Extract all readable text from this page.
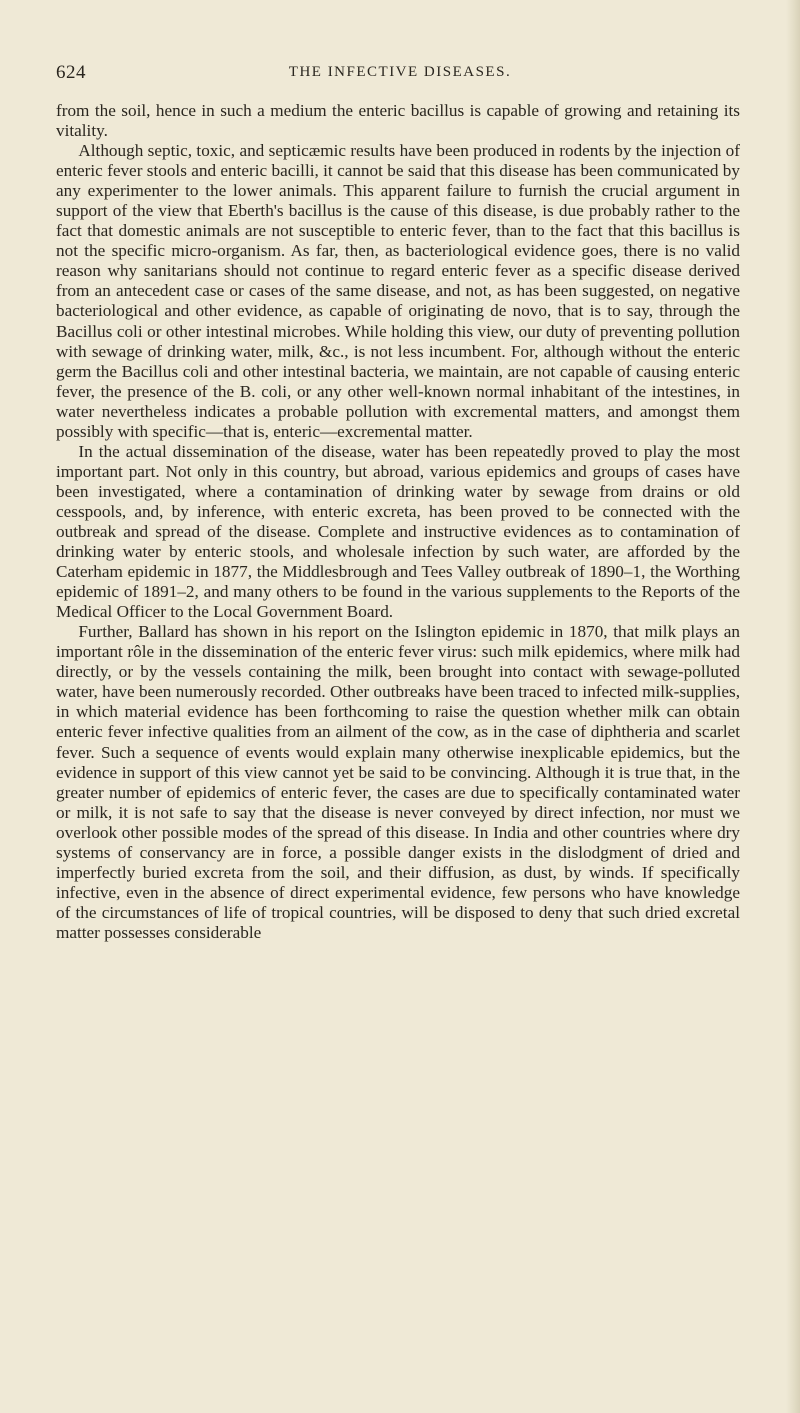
624	THE INFECTIVE DISEASES.

from the soil, hence in such a medium the enteric bacillus is capable of growing and retaining its vitality.

Although septic, toxic, and septicæmic results have been produced in rodents by the injection of enteric fever stools and enteric bacilli, it cannot be said that this disease has been communicated by any experimenter to the lower animals. This apparent failure to furnish the crucial argument in support of the view that Eberth's bacillus is the cause of this disease, is due probably rather to the fact that domestic animals are not susceptible to enteric fever, than to the fact that this bacillus is not the specific micro-organism. As far, then, as bacteriological evidence goes, there is no valid reason why sanitarians should not continue to regard enteric fever as a specific disease derived from an antecedent case or cases of the same disease, and not, as has been suggested, on negative bacteriological and other evidence, as capable of originating de novo, that is to say, through the Bacillus coli or other intestinal microbes. While holding this view, our duty of preventing pollution with sewage of drinking water, milk, &c., is not less incumbent. For, although without the enteric germ the Bacillus coli and other intestinal bacteria, we maintain, are not capable of causing enteric fever, the presence of the B. coli, or any other well-known normal inhabitant of the intestines, in water nevertheless indicates a probable pollution with excremental matters, and amongst them possibly with specific—that is, enteric—excremental matter.

In the actual dissemination of the disease, water has been repeatedly proved to play the most important part. Not only in this country, but abroad, various epidemics and groups of cases have been investigated, where a contamination of drinking water by sewage from drains or old cesspools, and, by inference, with enteric excreta, has been proved to be connected with the outbreak and spread of the disease. Complete and instructive evidences as to contamination of drinking water by enteric stools, and wholesale infection by such water, are afforded by the Caterham epidemic in 1877, the Middlesbrough and Tees Valley outbreak of 1890–1, the Worthing epidemic of 1891–2, and many others to be found in the various supplements to the Reports of the Medical Officer to the Local Government Board.

Further, Ballard has shown in his report on the Islington epidemic in 1870, that milk plays an important rôle in the dissemination of the enteric fever virus: such milk epidemics, where milk had directly, or by the vessels containing the milk, been brought into contact with sewage-polluted water, have been numerously recorded. Other outbreaks have been traced to infected milk-supplies, in which material evidence has been forthcoming to raise the question whether milk can obtain enteric fever infective qualities from an ailment of the cow, as in the case of diphtheria and scarlet fever. Such a sequence of events would explain many otherwise inexplicable epidemics, but the evidence in support of this view cannot yet be said to be convincing. Although it is true that, in the greater number of epidemics of enteric fever, the cases are due to specifically contaminated water or milk, it is not safe to say that the disease is never conveyed by direct infection, nor must we overlook other possible modes of the spread of this disease. In India and other countries where dry systems of conservancy are in force, a possible danger exists in the dislodgment of dried and imperfectly buried excreta from the soil, and their diffusion, as dust, by winds. If specifically infective, even in the absence of direct experimental evidence, few persons who have knowledge of the circumstances of life of tropical countries, will be disposed to deny that such dried excretal matter possesses considerable
